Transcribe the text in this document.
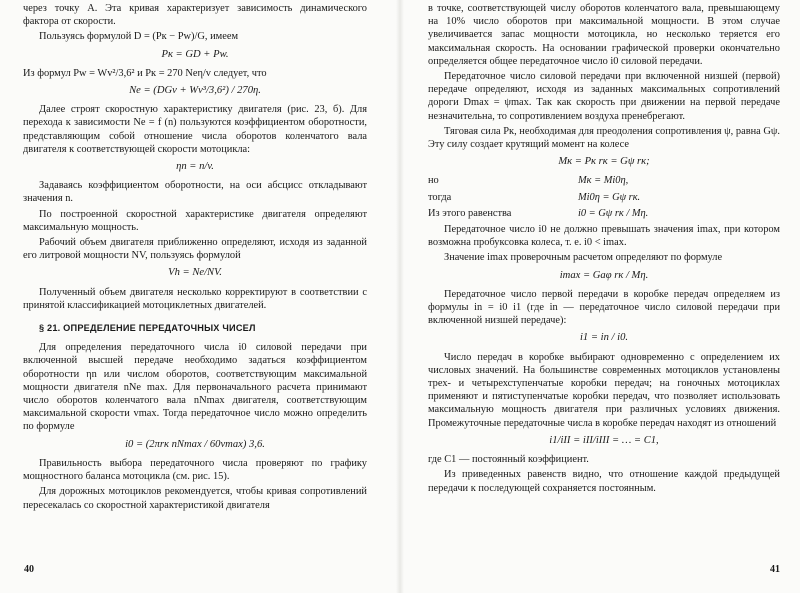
через точку А. Эта кривая характеризует зависимость динамического фактора от скорости.

Пользуясь формулой D = (Pк − Pw)/G, имеем

Pк = GD + Pw.

Из формул Pw = Wv²/3,6² и Pк = 270 Neη/v следует, что

Ne = (DGv + Wv³/3,6²) / 270η.

Далее строят скоростную характеристику двигателя (рис. 23, б). Для перехода к зависимости Ne = f (n) пользуются коэффициентом оборотности, представляющим собой отношение числа оборотов коленчатого вала двигателя к соответствующей скорости мотоцикла:

ηn = n/v.

Задаваясь коэффициентом оборотности, на оси абсцисс откладывают значения n.

По построенной скоростной характеристике двигателя определяют максимальную мощность.

Рабочий объем двигателя приближенно определяют, исходя из заданной его литровой мощности NV, пользуясь формулой

Vh = Ne/NV.

Полученный объем двигателя несколько корректируют в соответствии с принятой классификацией мотоциклетных двигателей.

§ 21. ОПРЕДЕЛЕНИЕ ПЕРЕДАТОЧНЫХ ЧИСЕЛ

Для определения передаточного числа i0 силовой передачи при включенной высшей передаче необходимо задаться коэффициентом оборотности ηn или числом оборотов, соответствующим максимальной мощности двигателя nNe max. Для первоначального расчета принимают число оборотов коленчатого вала nNmax двигателя, соответствующим максимальной скорости vmax. Тогда передаточное число можно определить по формуле

i0 = (2πrк nNmax / 60vmax) 3,6.

Правильность выбора передаточного числа проверяют по графику мощностного баланса мотоцикла (см. рис. 15).

Для дорожных мотоциклов рекомендуется, чтобы кривая сопротивлений пересекалась со скоростной характеристикой двигателя

40

в точке, соответствующей числу оборотов коленчатого вала, превышающему на 10% число оборотов при максимальной мощности. В этом случае увеличивается запас мощности мотоцикла, но несколько теряется его максимальная скорость. На основании графической проверки окончательно определяется общее передаточное число i0 силовой передачи.

Передаточное число силовой передачи при включенной низшей (первой) передаче определяют, исходя из заданных максимальных сопротивлений дороги Dmax = ψmax. Так как скорость при движении на первой передаче незначительна, то сопротивлением воздуха пренебрегают.

Тяговая сила Pк, необходимая для преодоления сопротивления ψ, равна Gψ. Эту силу создает крутящий момент на колесе

Mк = Pк rк = Gψ rк;
но	Mк = Mi0η,
тогда	Mi0η = Gψ rк.
Из этого равенства	i0 = Gψ rк / Mη.

Передаточное число i0 не должно превышать значения imax, при котором возможна пробуксовка колеса, т. е. i0 < imax.

Значение imax проверочным расчетом определяют по формуле

imax = Gaφ rк / Mη.

Передаточное число первой передачи в коробке передач определяем из формулы in = i0 i1 (где in — передаточное число силовой передачи при включенной низшей передаче):

i1 = in / i0.

Число передач в коробке выбирают одновременно с определением их числовых значений. На большинстве современных мотоциклов установлены трех- и четырехступенчатые коробки передач; на гоночных мотоциклах применяют и пятиступенчатые коробки передач, что позволяет использовать максимальную мощность двигателя при различных условиях движения. Промежуточные передаточные числа в коробке передач находят из отношений

i1/iII = iII/iIII = … = C1,

где C1 — постоянный коэффициент.

Из приведенных равенств видно, что отношение каждой предыдущей передачи к последующей сохраняется постоянным.

41
